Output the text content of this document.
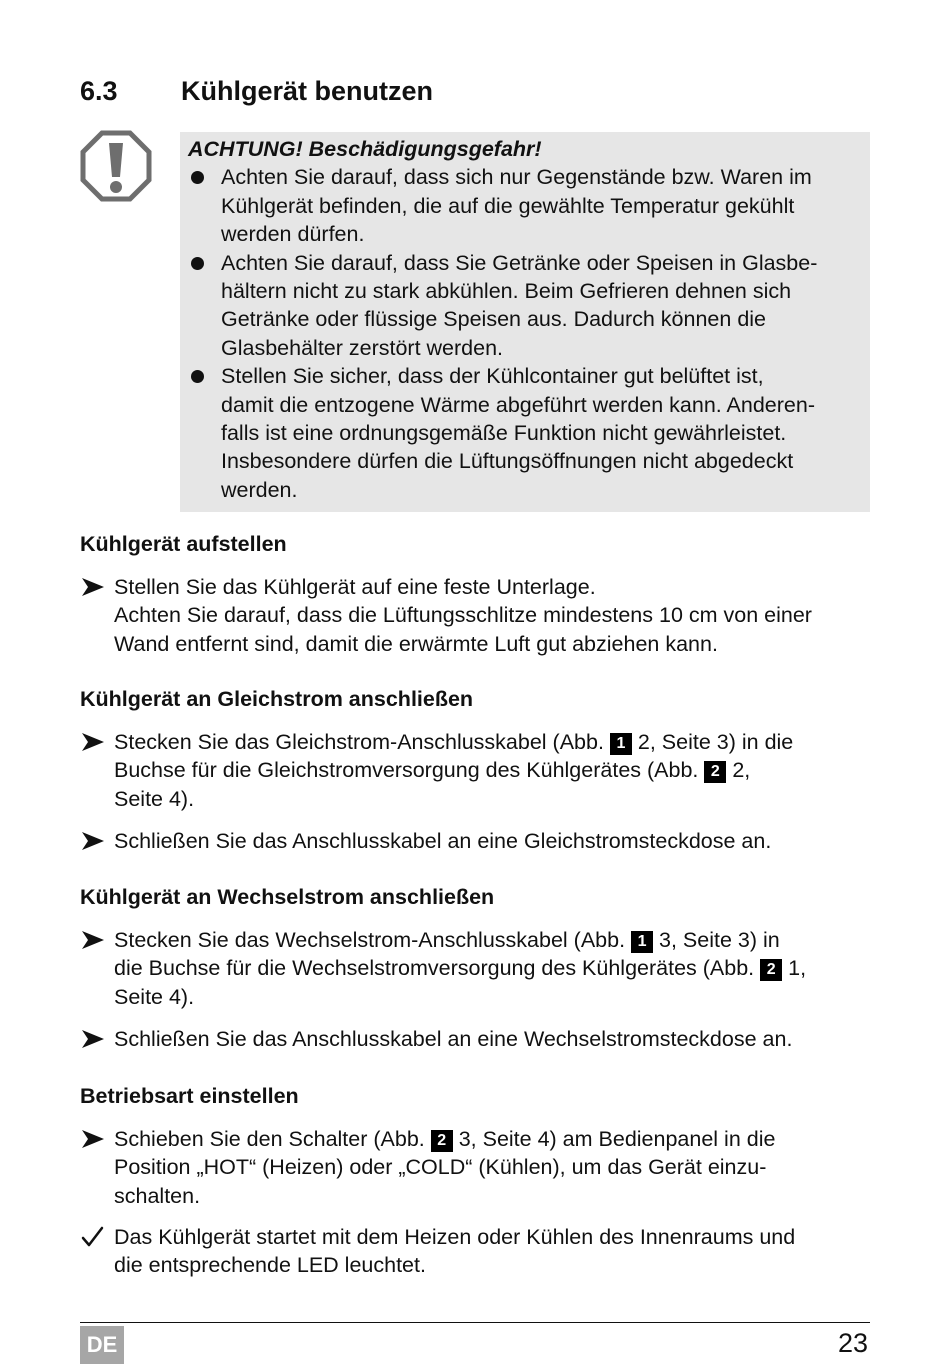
6.3 Kühlgerät benutzen
ACHTUNG! Beschädigungsgefahr!
Achten Sie darauf, dass sich nur Gegenstände bzw. Waren im
Kühlgerät befinden, die auf die gewählte Temperatur gekühlt
werden dürfen.
Achten Sie darauf, dass Sie Getränke oder Speisen in Glasbe-
hältern nicht zu stark abkühlen. Beim Gefrieren dehnen sich
Getränke oder flüssige Speisen aus. Dadurch können die
Glasbehälter zerstört werden.
Stellen Sie sicher, dass der Kühlcontainer gut belüftet ist,
damit die entzogene Wärme abgeführt werden kann. Anderen-
falls ist eine ordnungsgemäße Funktion nicht gewährleistet.
Insbesondere dürfen die Lüftungsöffnungen nicht abgedeckt
werden.
Kühlgerät aufstellen
Stellen Sie das Kühlgerät auf eine feste Unterlage.
Achten Sie darauf, dass die Lüftungsschlitze mindestens 10 cm von einer
Wand entfernt sind, damit die erwärmte Luft gut abziehen kann.
Kühlgerät an Gleichstrom anschließen
Stecken Sie das Gleichstrom-Anschlusskabel (Abb. 1 2, Seite 3) in die
Buchse für die Gleichstromversorgung des Kühlgerätes (Abb. 2 2,
Seite 4).
Schließen Sie das Anschlusskabel an eine Gleichstromsteckdose an.
Kühlgerät an Wechselstrom anschließen
Stecken Sie das Wechselstrom-Anschlusskabel (Abb. 1 3, Seite 3) in
die Buchse für die Wechselstromversorgung des Kühlgerätes (Abb. 2 1,
Seite 4).
Schließen Sie das Anschlusskabel an eine Wechselstromsteckdose an.
Betriebsart einstellen
Schieben Sie den Schalter (Abb. 2 3, Seite 4) am Bedienpanel in die
Position „HOT“ (Heizen) oder „COLD“ (Kühlen), um das Gerät einzu-
schalten.
Das Kühlgerät startet mit dem Heizen oder Kühlen des Innenraums und
die entsprechende LED leuchtet.
DE	23
